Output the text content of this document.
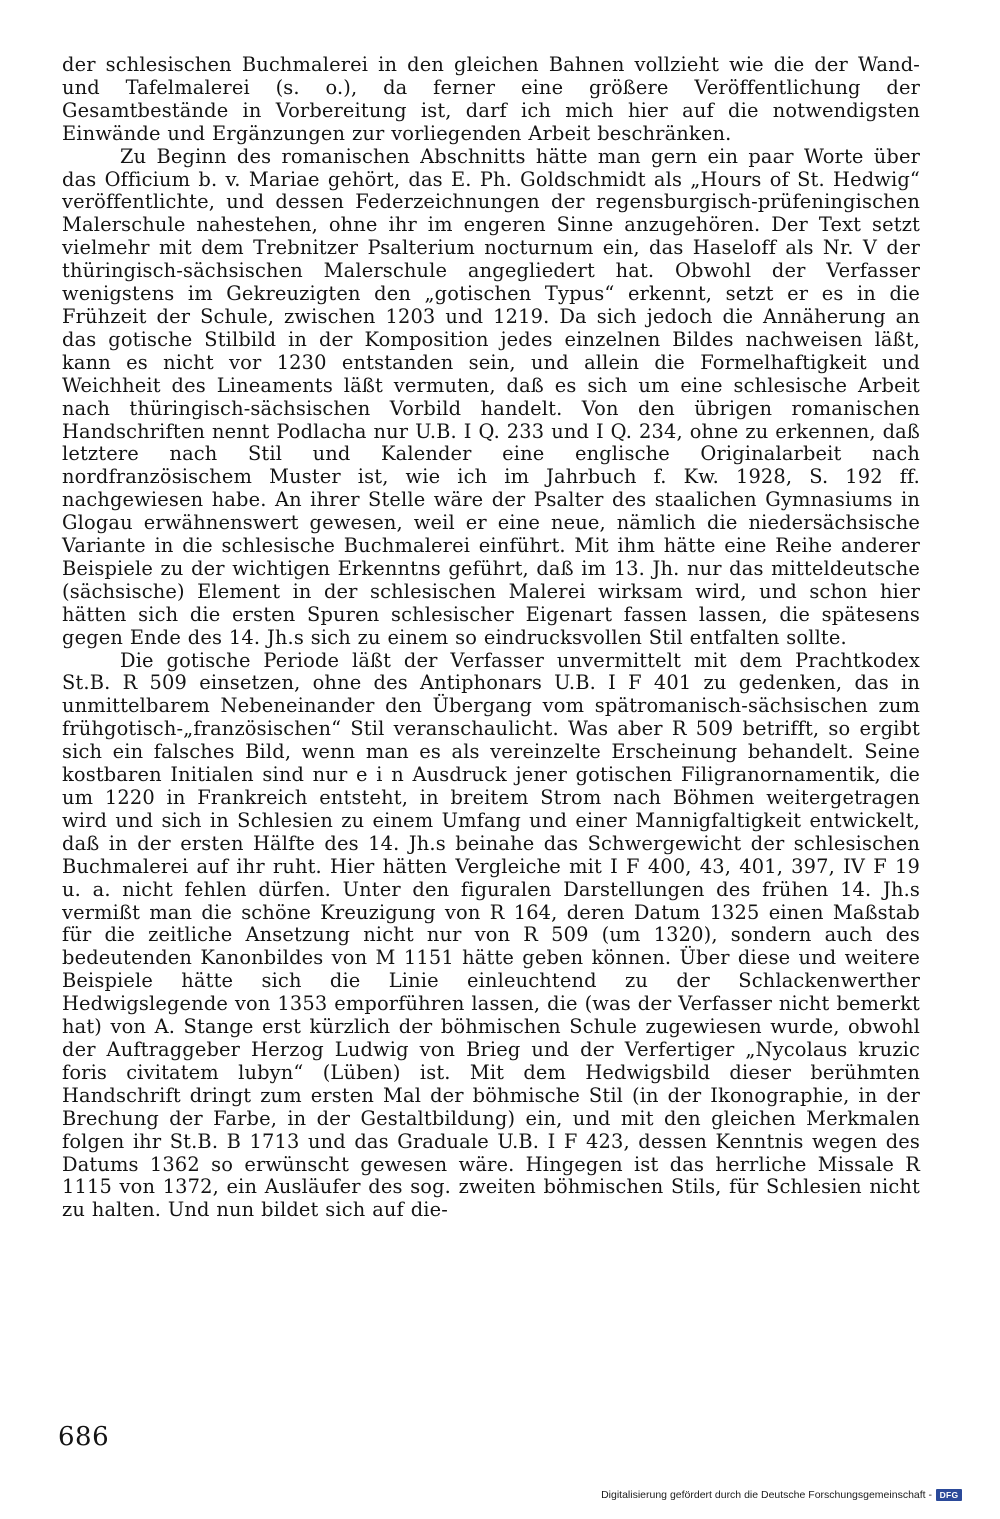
der schlesischen Buchmalerei in den gleichen Bahnen vollzieht wie die der Wand- und Tafelmalerei (s. o.), da ferner eine größere Veröffentlichung der Gesamtbestände in Vorbereitung ist, darf ich mich hier auf die notwendigsten Einwände und Ergänzungen zur vorliegenden Arbeit beschränken.

Zu Beginn des romanischen Abschnitts hätte man gern ein paar Worte über das Officium b. v. Mariae gehört, das E. Ph. Goldschmidt als „Hours of St. Hedwig“ veröffentlichte, und dessen Federzeichnungen der regensburgisch-prüfeningischen Malerschule nahestehen, ohne ihr im engeren Sinne anzugehören. Der Text setzt vielmehr mit dem Trebnitzer Psalterium nocturnum ein, das Haseloff als Nr. V der thüringisch-sächsischen Malerschule angegliedert hat. Obwohl der Verfasser wenigstens im Gekreuzigten den „gotischen Typus“ erkennt, setzt er es in die Frühzeit der Schule, zwischen 1203 und 1219. Da sich jedoch die Annäherung an das gotische Stilbild in der Komposition jedes einzelnen Bildes nachweisen läßt, kann es nicht vor 1230 entstanden sein, und allein die Formelhaftigkeit und Weichheit des Lineaments läßt vermuten, daß es sich um eine schlesische Arbeit nach thüringisch-sächsischen Vorbild handelt. Von den übrigen romanischen Handschriften nennt Podlacha nur U.B. I Q. 233 und I Q. 234, ohne zu erkennen, daß letztere nach Stil und Kalender eine englische Originalarbeit nach nordfranzösischem Muster ist, wie ich im Jahrbuch f. Kw. 1928, S. 192 ff. nachgewiesen habe. An ihrer Stelle wäre der Psalter des staalichen Gymnasiums in Glogau erwähnenswert gewesen, weil er eine neue, nämlich die niedersächsische Variante in die schlesische Buchmalerei einführt. Mit ihm hätte eine Reihe anderer Beispiele zu der wichtigen Erkenntns geführt, daß im 13. Jh. nur das mitteldeutsche (sächsische) Element in der schlesischen Malerei wirksam wird, und schon hier hätten sich die ersten Spuren schlesischer Eigenart fassen lassen, die spätesens gegen Ende des 14. Jh.s sich zu einem so eindrucksvollen Stil entfalten sollte.

Die gotische Periode läßt der Verfasser unvermittelt mit dem Prachtkodex St.B. R 509 einsetzen, ohne des Antiphonars U.B. I F 401 zu gedenken, das in unmittelbarem Nebeneinander den Übergang vom spätromanisch-sächsischen zum frühgotisch-„französischen“ Stil veranschaulicht. Was aber R 509 betrifft, so ergibt sich ein falsches Bild, wenn man es als vereinzelte Erscheinung behandelt. Seine kostbaren Initialen sind nur e i n Ausdruck jener gotischen Filigranornamentik, die um 1220 in Frankreich entsteht, in breitem Strom nach Böhmen weitergetragen wird und sich in Schlesien zu einem Umfang und einer Mannigfaltigkeit entwickelt, daß in der ersten Hälfte des 14. Jh.s beinahe das Schwergewicht der schlesischen Buchmalerei auf ihr ruht. Hier hätten Vergleiche mit I F 400, 43, 401, 397, IV F 19 u. a. nicht fehlen dürfen. Unter den figuralen Darstellungen des frühen 14. Jh.s vermißt man die schöne Kreuzigung von R 164, deren Datum 1325 einen Maßstab für die zeitliche Ansetzung nicht nur von R 509 (um 1320), sondern auch des bedeutenden Kanonbildes von M 1151 hätte geben können. Über diese und weitere Beispiele hätte sich die Linie einleuchtend zu der Schlackenwerther Hedwigslegende von 1353 emporführen lassen, die (was der Verfasser nicht bemerkt hat) von A. Stange erst kürzlich der böhmischen Schule zugewiesen wurde, obwohl der Auftraggeber Herzog Ludwig von Brieg und der Verfertiger „Nycolaus kruzic foris civitatem lubyn“ (Lüben) ist. Mit dem Hedwigsbild dieser berühmten Handschrift dringt zum ersten Mal der böhmische Stil (in der Ikonographie, in der Brechung der Farbe, in der Gestaltbildung) ein, und mit den gleichen Merkmalen folgen ihr St.B. B 1713 und das Graduale U.B. I F 423, dessen Kenntnis wegen des Datums 1362 so erwünscht gewesen wäre. Hingegen ist das herrliche Missale R 1115 von 1372, ein Ausläufer des sog. zweiten böhmischen Stils, für Schlesien nicht zu halten. Und nun bildet sich auf die-

686
Digitalisierung gefördert durch die Deutsche Forschungsgemeinschaft - DFG
